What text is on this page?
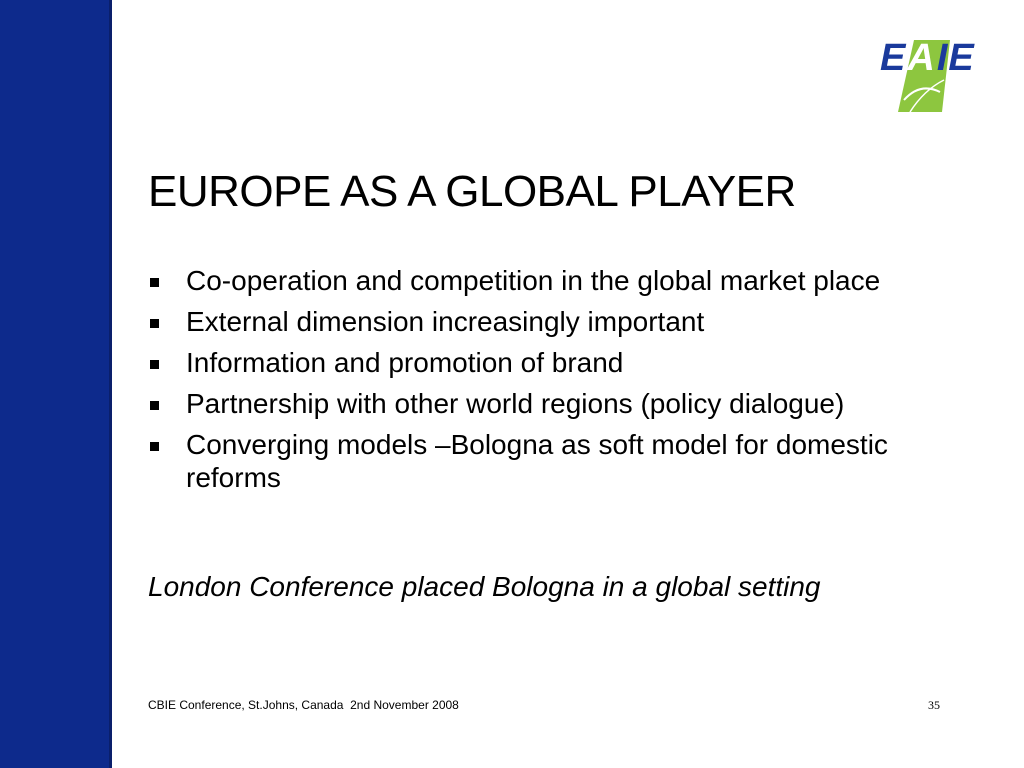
EAIE
EUROPE AS A GLOBAL PLAYER
Co-operation and competition in the global market place
External dimension increasingly important
Information and promotion of brand
Partnership with other world regions (policy dialogue)
Converging models –Bologna as soft model for domestic reforms

London Conference placed Bologna in a global setting

CBIE Conference, St.Johns, Canada  2nd November 2008	35
